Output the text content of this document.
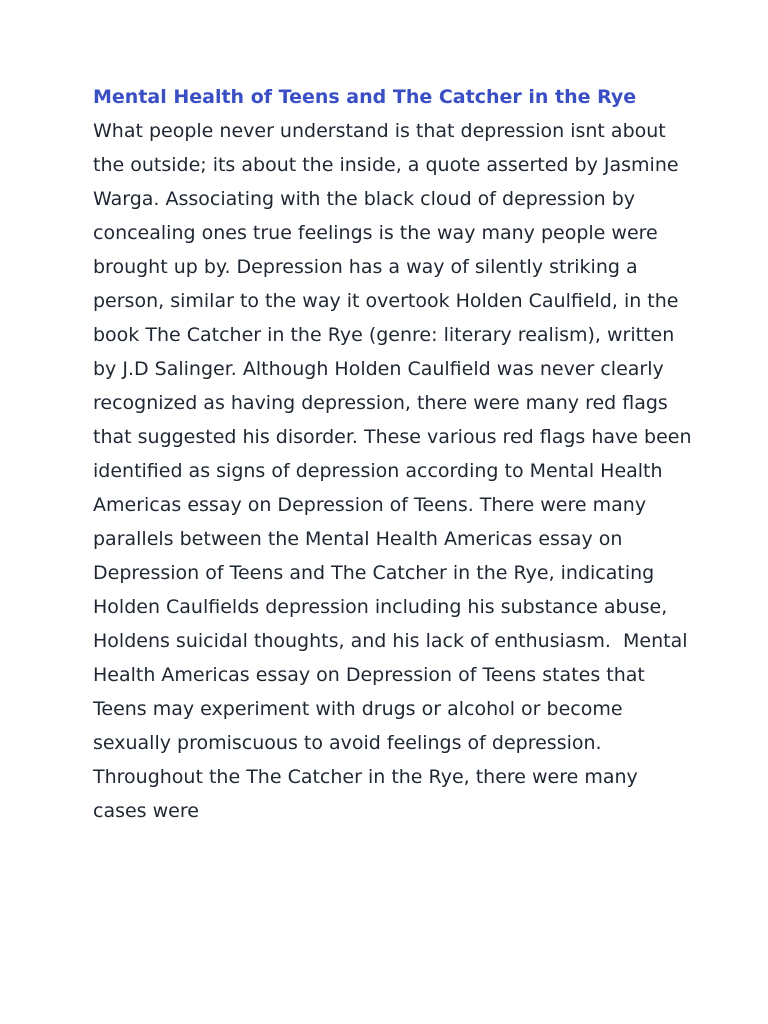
Mental Health of Teens and The Catcher in the Rye

What people never understand is that depression isnt about the outside; its about the inside, a quote asserted by Jasmine Warga. Associating with the black cloud of depression by concealing ones true feelings is the way many people were brought up by. Depression has a way of silently striking a person, similar to the way it overtook Holden Caulfield, in the book The Catcher in the Rye (genre: literary realism), written by J.D Salinger. Although Holden Caulfield was never clearly recognized as having depression, there were many red flags that suggested his disorder. These various red flags have been identified as signs of depression according to Mental Health Americas essay on Depression of Teens. There were many parallels between the Mental Health Americas essay on Depression of Teens and The Catcher in the Rye, indicating Holden Caulfields depression including his substance abuse, Holdens suicidal thoughts, and his lack of enthusiasm.  Mental Health Americas essay on Depression of Teens states that Teens may experiment with drugs or alcohol or become sexually promiscuous to avoid feelings of depression. Throughout the The Catcher in the Rye, there were many cases were
